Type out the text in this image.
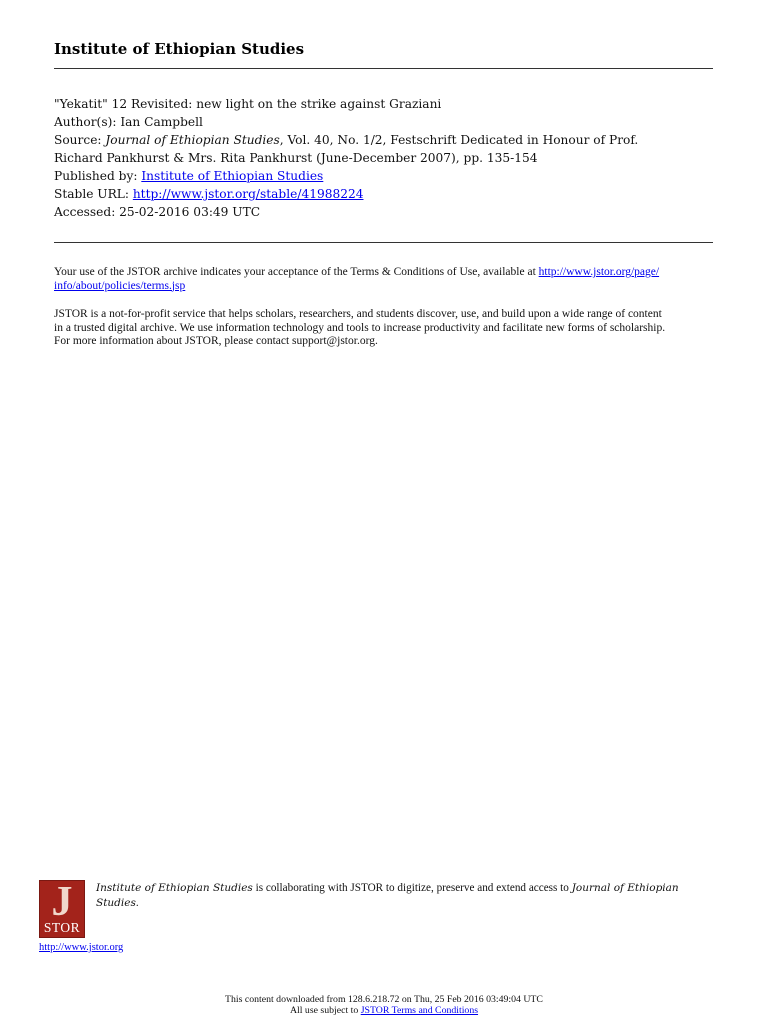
Institute of Ethiopian Studies
"Yekatit" 12 Revisited: new light on the strike against Graziani
Author(s): Ian Campbell
Source: Journal of Ethiopian Studies, Vol. 40, No. 1/2, Festschrift Dedicated in Honour of Prof.
Richard Pankhurst & Mrs. Rita Pankhurst (June-December 2007), pp. 135-154
Published by: Institute of Ethiopian Studies
Stable URL: http://www.jstor.org/stable/41988224
Accessed: 25-02-2016 03:49 UTC
Your use of the JSTOR archive indicates your acceptance of the Terms & Conditions of Use, available at http://www.jstor.org/page/
info/about/policies/terms.jsp
JSTOR is a not-for-profit service that helps scholars, researchers, and students discover, use, and build upon a wide range of content
in a trusted digital archive. We use information technology and tools to increase productivity and facilitate new forms of scholarship.
For more information about JSTOR, please contact support@jstor.org.
J
STOR
http://www.jstor.org
Institute of Ethiopian Studies is collaborating with JSTOR to digitize, preserve and extend access to Journal of Ethiopian
Studies.
This content downloaded from 128.6.218.72 on Thu, 25 Feb 2016 03:49:04 UTC
All use subject to JSTOR Terms and Conditions
